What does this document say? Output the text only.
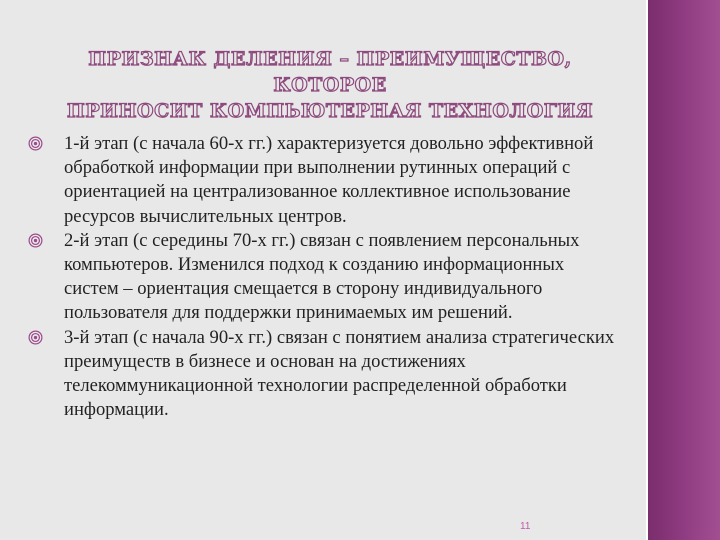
ПРИЗНАК ДЕЛЕНИЯ – ПРЕИМУЩЕСТВО, КОТОРОЕ
ПРИНОСИТ КОМПЬЮТЕРНАЯ ТЕХНОЛОГИЯ
1-й этап (с начала 60-х гг.) характеризуется довольно эффективной обработкой информации при выполнении рутинных операций с ориентацией на централизованное коллективное использование ресурсов вычислительных центров.
2-й этап (с середины 70-х гг.) связан с появлением персональных компьютеров. Изменился подход к созданию информационных систем – ориентация смещается в сторону индивидуального пользователя для поддержки принимаемых им решений.
3-й этап (с начала 90-х гг.) связан с понятием анализа стратегических преимуществ в бизнесе и основан на достижениях телекоммуникационной технологии распределенной обработки информации.
11
